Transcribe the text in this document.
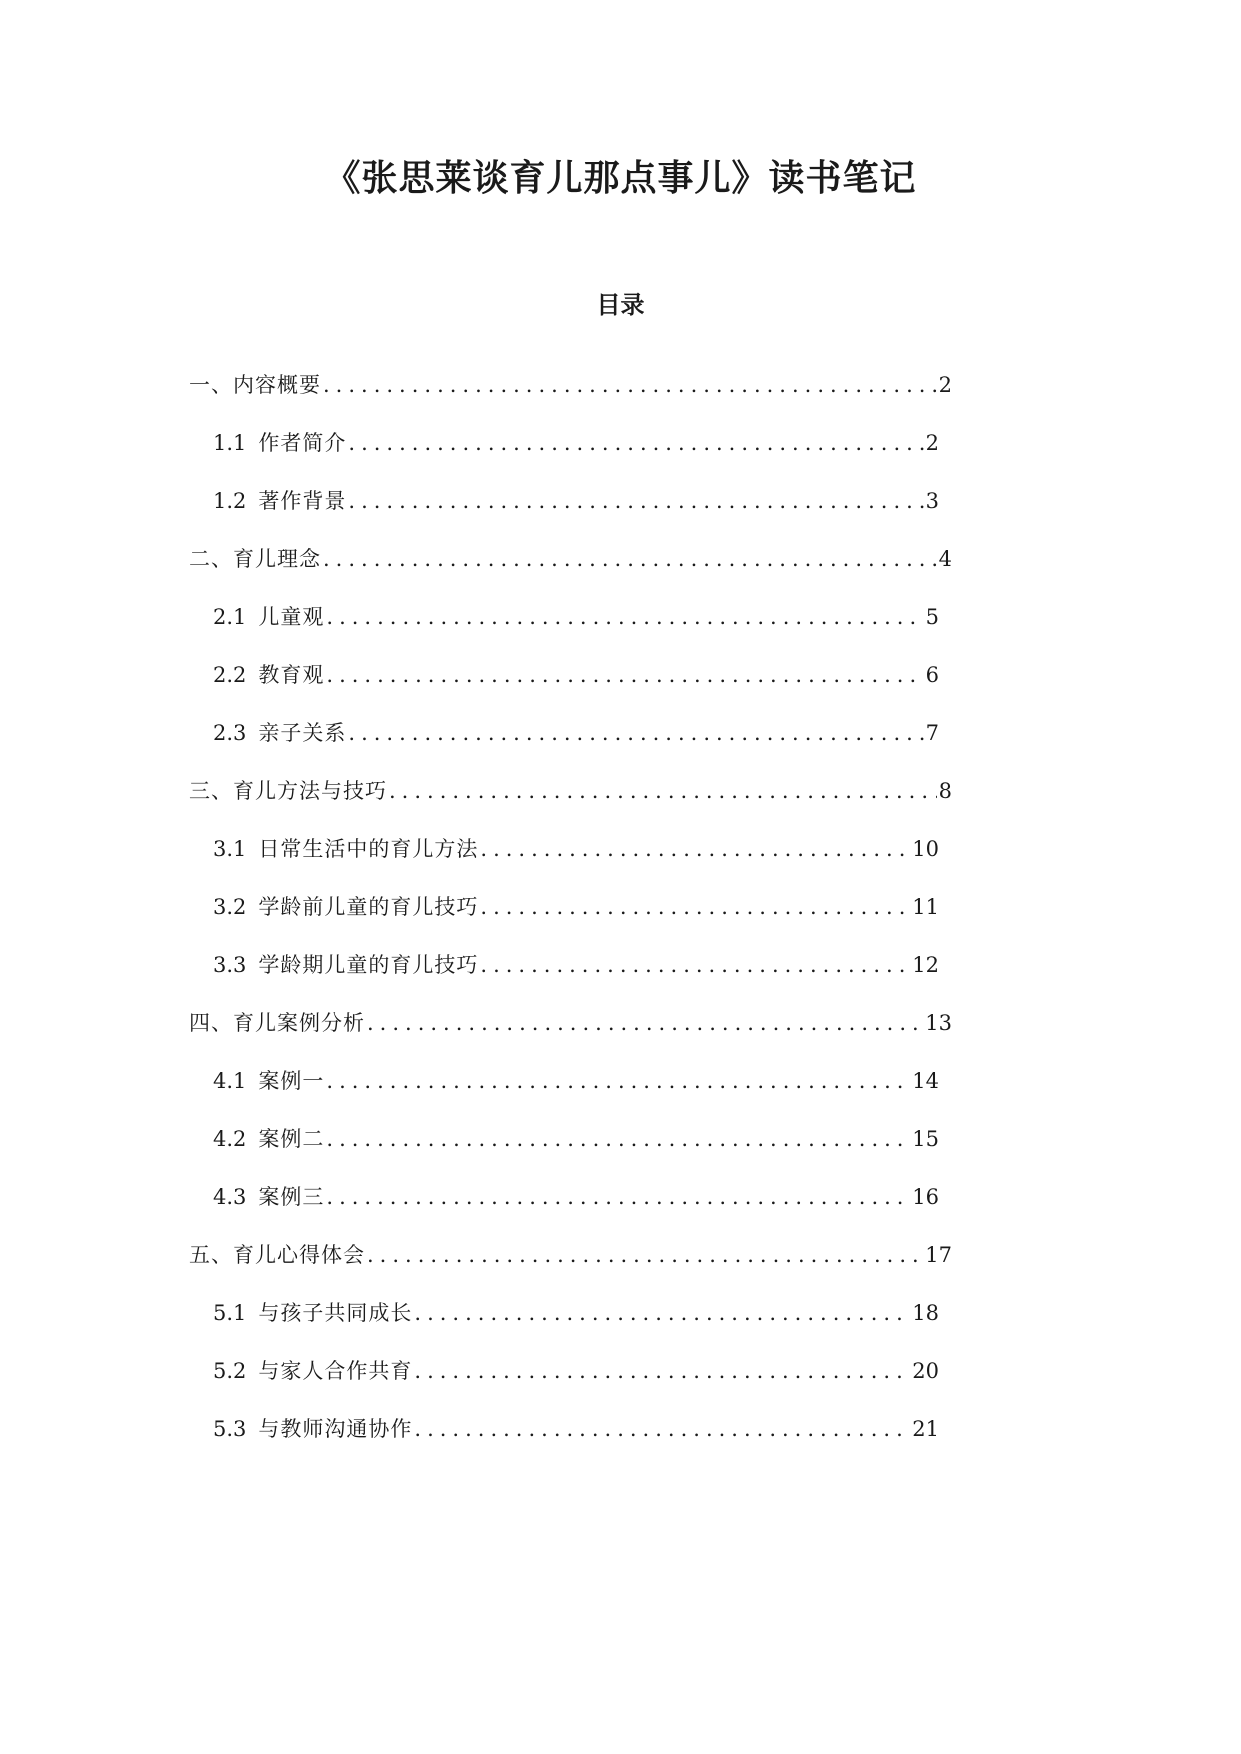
《张思莱谈育儿那点事儿》读书笔记
目录
一、内容概要 .....	2
1.1 作者简介 .....	2
1.2 著作背景 .....	3
二、育儿理念 .....	4
2.1 儿童观 .....	5
2.2 教育观 .....	6
2.3 亲子关系 .....	7
三、育儿方法与技巧 .....	8
3.1 日常生活中的育儿方法 .....	10
3.2 学龄前儿童的育儿技巧 .....	11
3.3 学龄期儿童的育儿技巧 .....	12
四、育儿案例分析 .....	13
4.1 案例一 .....	14
4.2 案例二 .....	15
4.3 案例三 .....	16
五、育儿心得体会 .....	17
5.1 与孩子共同成长 .....	18
5.2 与家人合作共育 .....	20
5.3 与教师沟通协作 .....	21
